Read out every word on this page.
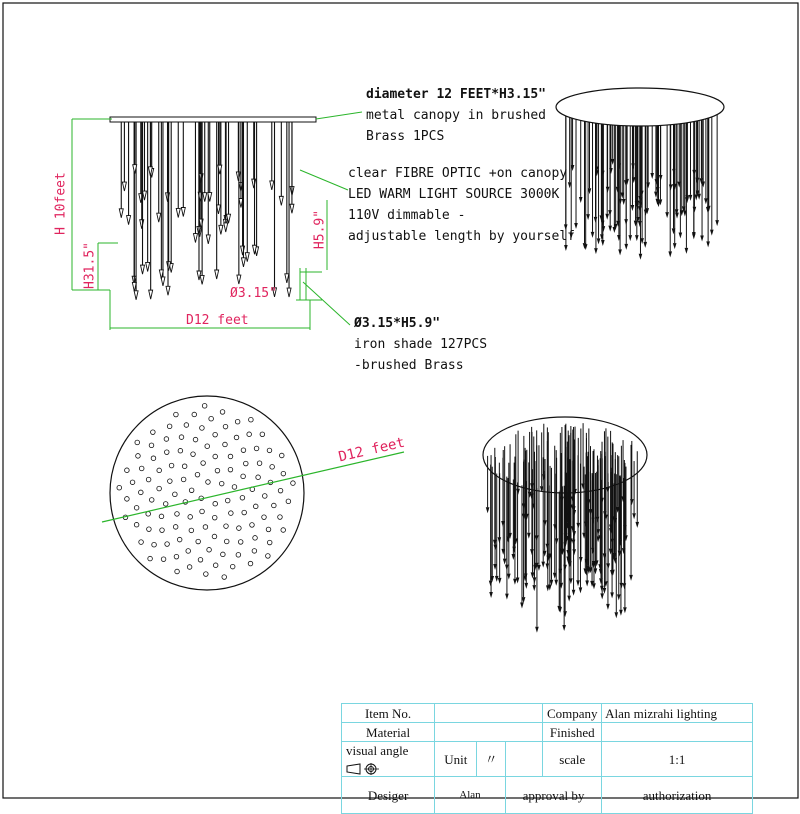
diameter 12 FEET*H3.15"
metal canopy in brushed
Brass 1PCS
clear FIBRE OPTIC +on canopy
LED WARM LIGHT SOURCE 3000K
110V dimmable -
adjustable length by yourself
Ø3.15*H5.9"
iron shade 127PCS
-brushed Brass
H 10feet
H31.5"
H5.9"
Ø3.15"
D12 feet
D12 feet
Item No.				Company	Alan mizrahi lighting
Material				Finished	
visual angle	Unit	〃		scale	1:1
Desiger	Alan		approval by		authorization
